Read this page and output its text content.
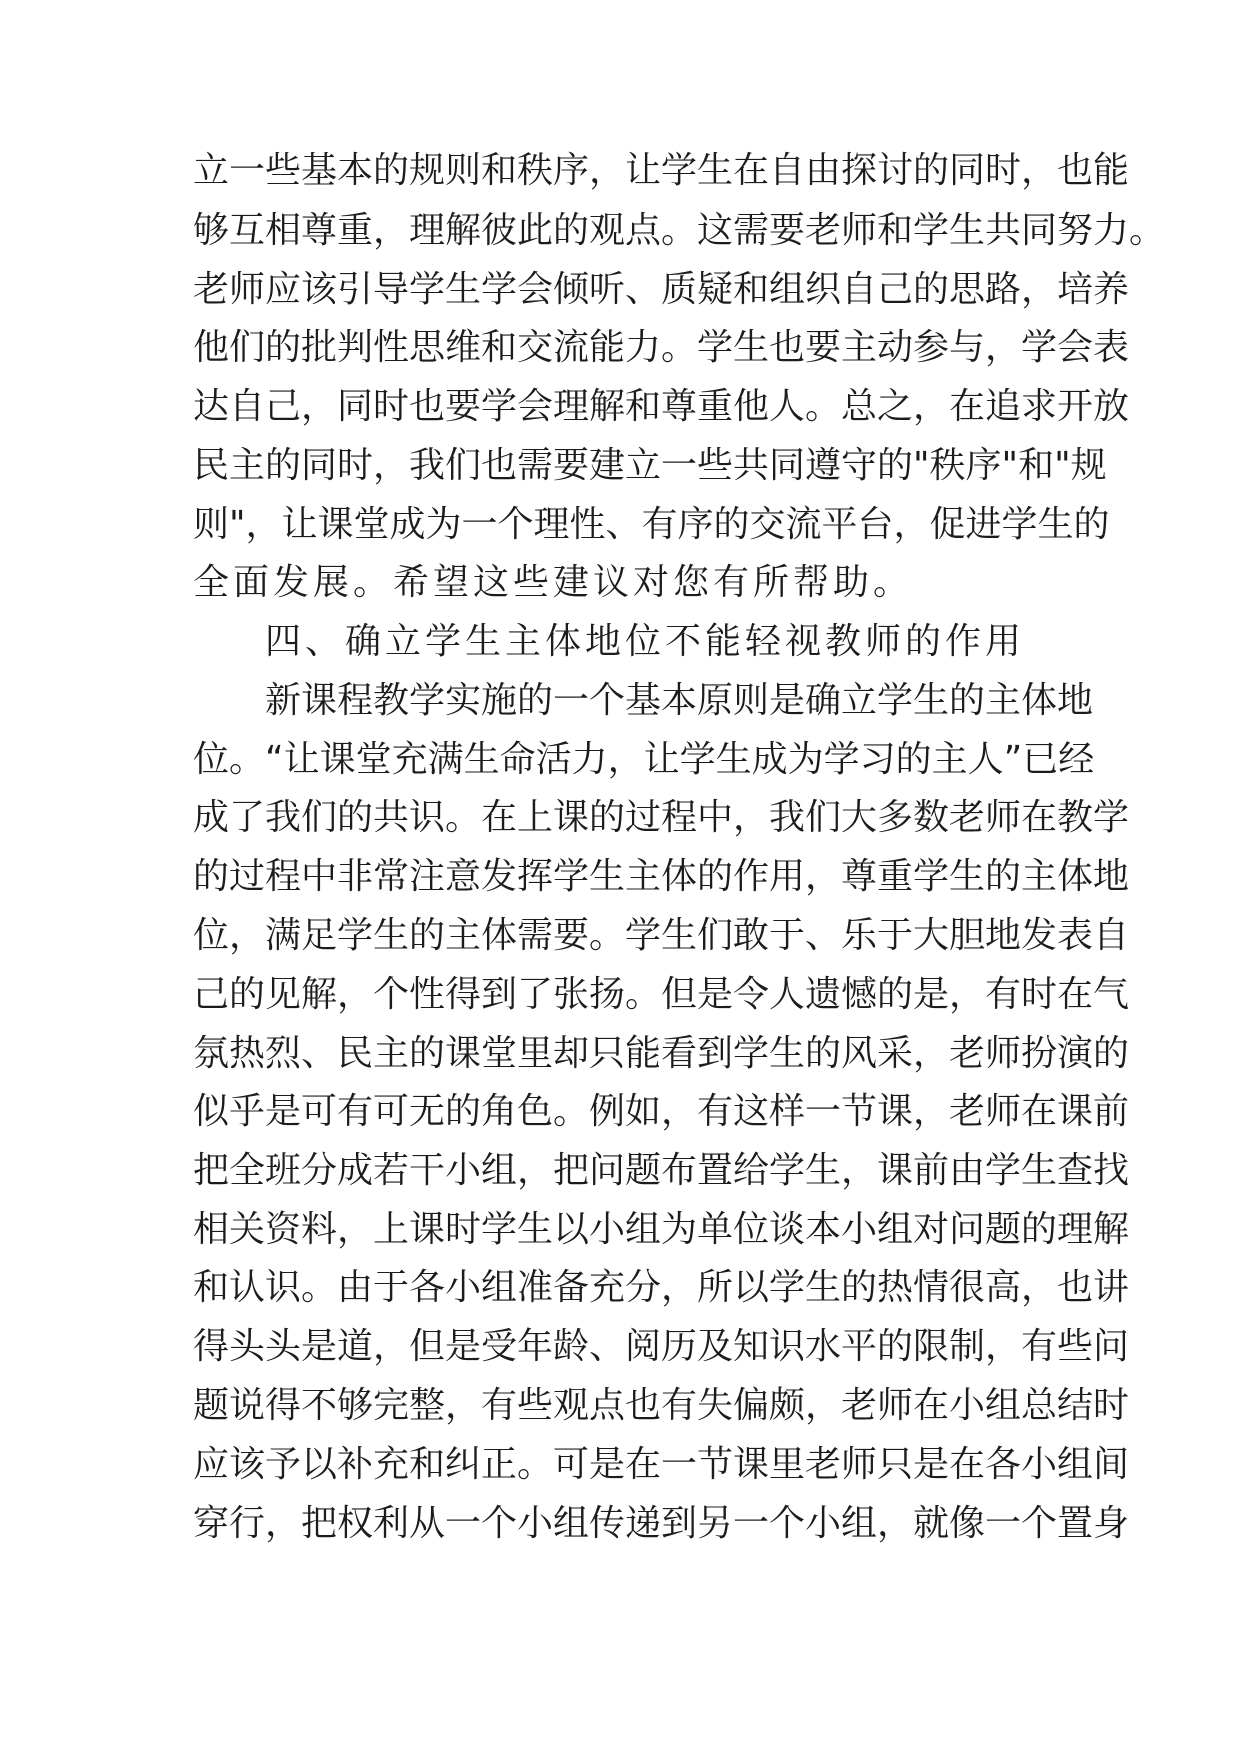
立一些基本的规则和秩序，让学生在自由探讨的同时，也能

够互相尊重，理解彼此的观点。这需要老师和学生共同努力。

老师应该引导学生学会倾听、质疑和组织自己的思路，培养

他们的批判性思维和交流能力。学生也要主动参与，学会表

达自己，同时也要学会理解和尊重他人。总之，在追求开放

民主的同时，我们也需要建立一些共同遵守的"秩序"和"规

则"，让课堂成为一个理性、有序的交流平台，促进学生的

全面发展。希望这些建议对您有所帮助。

四、确立学生主体地位不能轻视教师的作用

新课程教学实施的一个基本原则是确立学生的主体地

位。“让课堂充满生命活力，让学生成为学习的主人”已经

成了我们的共识。在上课的过程中，我们大多数老师在教学

的过程中非常注意发挥学生主体的作用，尊重学生的主体地

位，满足学生的主体需要。学生们敢于、乐于大胆地发表自

己的见解，个性得到了张扬。但是令人遗憾的是，有时在气

氛热烈、民主的课堂里却只能看到学生的风采，老师扮演的

似乎是可有可无的角色。例如，有这样一节课，老师在课前

把全班分成若干小组，把问题布置给学生，课前由学生查找

相关资料，上课时学生以小组为单位谈本小组对问题的理解

和认识。由于各小组准备充分，所以学生的热情很高，也讲

得头头是道，但是受年龄、阅历及知识水平的限制，有些问

题说得不够完整，有些观点也有失偏颇，老师在小组总结时

应该予以补充和纠正。可是在一节课里老师只是在各小组间

穿行，把权利从一个小组传递到另一个小组，就像一个置身
